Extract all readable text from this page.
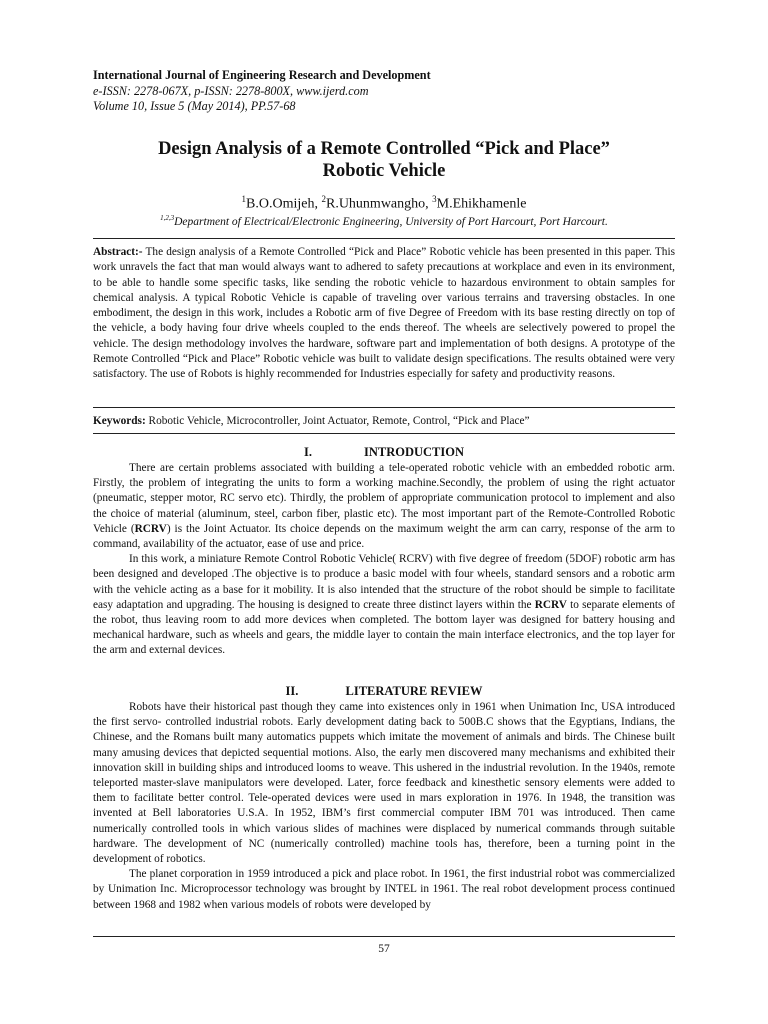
International Journal of Engineering Research and Development
e-ISSN: 2278-067X, p-ISSN: 2278-800X, www.ijerd.com
Volume 10, Issue 5 (May 2014), PP.57-68
Design Analysis of a Remote Controlled “Pick and Place”
Robotic Vehicle
$^1$B.O.Omijeh, $^2$R.Uhunmwangho, $^3$M.Ehikhamenle
$^{1,2,3}$Department of Electrical/Electronic Engineering, University of Port Harcourt, Port Harcourt.
Abstract:- The design analysis of a Remote Controlled “Pick and Place” Robotic vehicle has been presented in this paper. This work unravels the fact that man would always want to adhered to safety precautions at workplace and even in its environment, to be able to handle some specific tasks, like sending the robotic vehicle to hazardous environment to obtain samples for chemical analysis. A typical Robotic Vehicle is capable of traveling over various terrains and traversing obstacles. In one embodiment, the design in this work, includes a Robotic arm of five Degree of Freedom with its base resting directly on top of the vehicle, a body having four drive wheels coupled to the ends thereof. The wheels are selectively powered to propel the vehicle. The design methodology involves the hardware, software part and implementation of both designs. A prototype of the Remote Controlled “Pick and Place” Robotic vehicle was built to validate design specifications. The results obtained were very satisfactory. The use of Robots is highly recommended for Industries especially for safety and productivity reasons.
Keywords: Robotic Vehicle, Microcontroller, Joint Actuator, Remote, Control, “Pick and Place”
I.	INTRODUCTION

There are certain problems associated with building a tele-operated robotic vehicle with an embedded robotic arm. Firstly, the problem of integrating the units to form a working machine.Secondly, the problem of using the right actuator (pneumatic, stepper motor, RC servo etc). Thirdly, the problem of appropriate communication protocol to implement and also the choice of material (aluminum, steel, carbon fiber, plastic etc). The most important part of the Remote-Controlled Robotic Vehicle (RCRV) is the Joint Actuator. Its choice depends on the maximum weight the arm can carry, response of the arm to command, availability of the actuator, ease of use and price.

In this work, a miniature Remote Control Robotic Vehicle( RCRV) with five degree of freedom (5DOF) robotic arm has been designed and developed .The objective is to produce a basic model with four wheels, standard sensors and a robotic arm with the vehicle acting as a base for it mobility. It is also intended that the structure of the robot should be simple to facilitate easy adaptation and upgrading. The housing is designed to create three distinct layers within the RCRV to separate elements of the robot, thus leaving room to add more devices when completed. The bottom layer was designed for battery housing and mechanical hardware, such as wheels and gears, the middle layer to contain the main interface electronics, and the top layer for the arm and external devices.

II.	LITERATURE REVIEW

Robots have their historical past though they came into existences only in 1961 when Unimation Inc, USA introduced the first servo- controlled industrial robots. Early development dating back to 500B.C shows that the Egyptians, Indians, the Chinese, and the Romans built many automatics puppets which imitate the movement of animals and birds. The Chinese built many amusing devices that depicted sequential motions. Also, the early men discovered many mechanisms and exhibited their innovation skill in building ships and introduced looms to weave. This ushered in the industrial revolution. In the 1940s, remote teleported master-slave manipulators were developed. Later, force feedback and kinesthetic sensory elements were added to them to facilitate better control. Tele-operated devices were used in mars exploration in 1976. In 1948, the transition was invented at Bell laboratories U.S.A. In 1952, IBM’s first commercial computer IBM 701 was introduced. Then came numerically controlled tools in which various slides of machines were displaced by numerical commands through suitable hardware. The development of NC (numerically controlled) machine tools has, therefore, been a turning point in the development of robotics.

The planet corporation in 1959 introduced a pick and place robot. In 1961, the first industrial robot was commercialized by Unimation Inc. Microprocessor technology was brought by INTEL in 1961. The real robot development process continued between 1968 and 1982 when various models of robots were developed by

57
